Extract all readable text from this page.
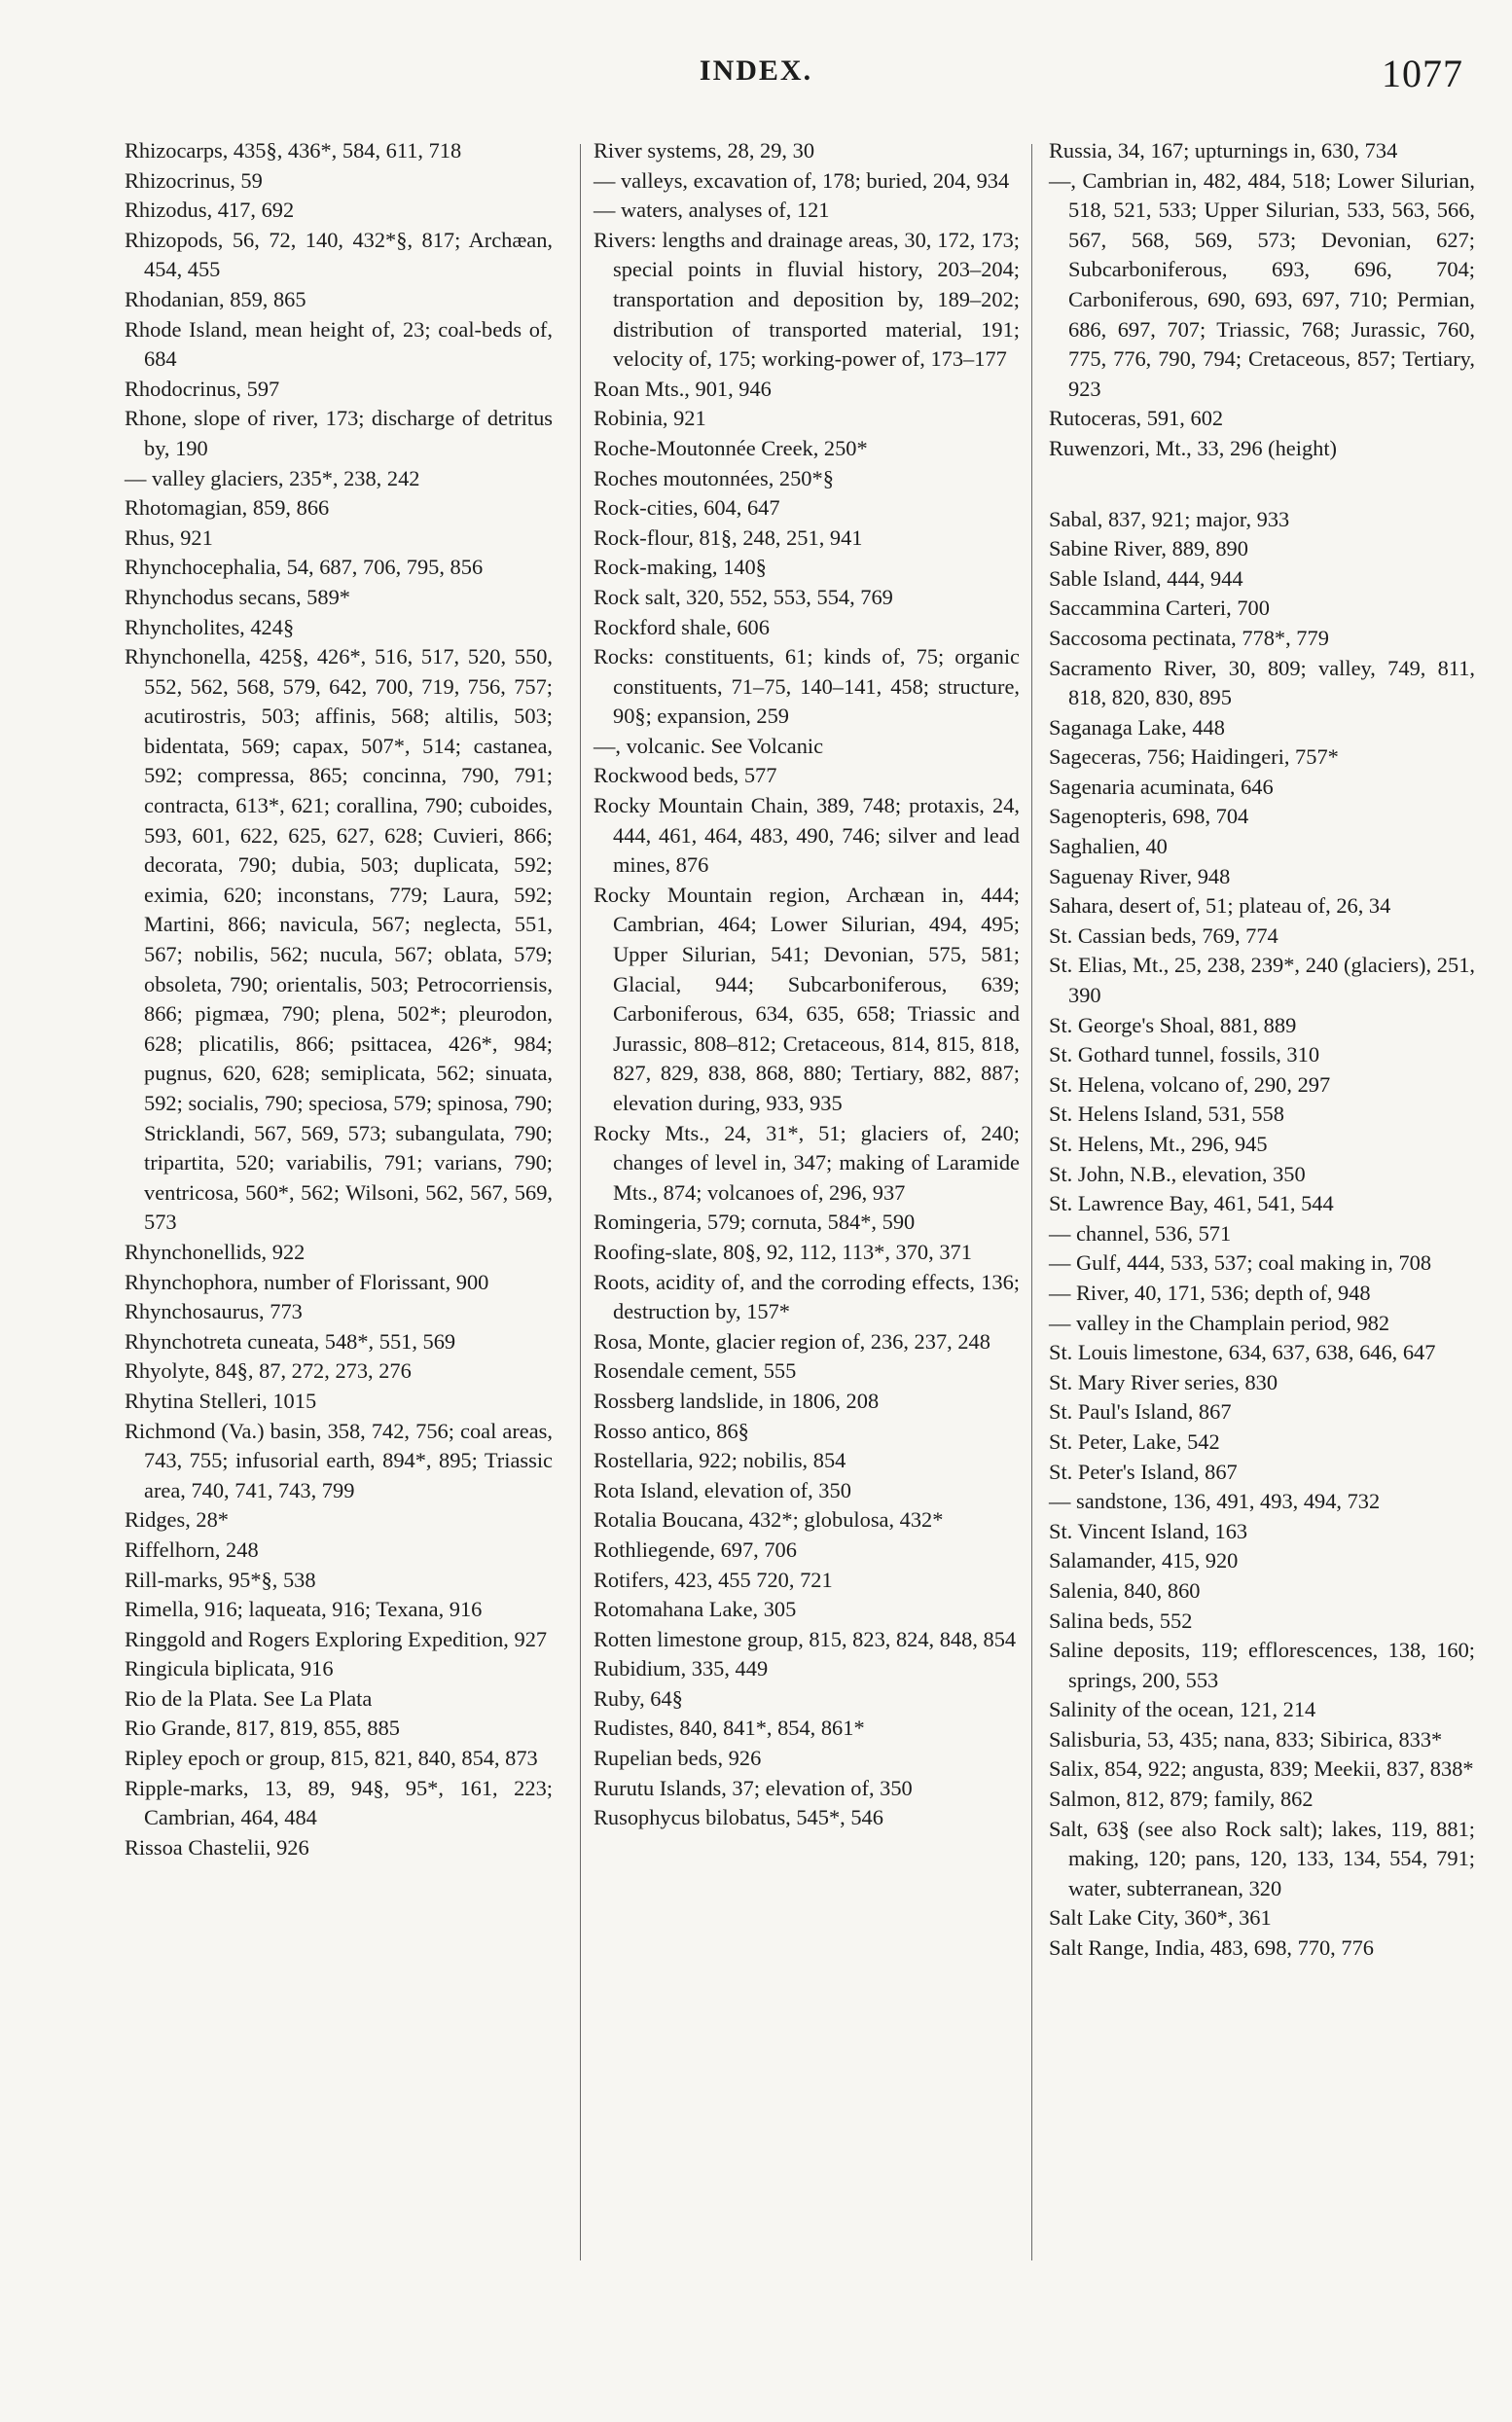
INDEX.	1077

Rhizocarps, 435§, 436*, 584, 611, 718

Rhizocrinus, 59

Rhizodus, 417, 692

Rhizopods, 56, 72, 140, 432*§, 817; Archæan, 454, 455

Rhodanian, 859, 865

Rhode Island, mean height of, 23; coal-beds of, 684

Rhodocrinus, 597

Rhone, slope of river, 173; discharge of detritus by, 190

— valley glaciers, 235*, 238, 242

Rhotomagian, 859, 866

Rhus, 921

Rhynchocephalia, 54, 687, 706, 795, 856

Rhynchodus secans, 589*

Rhyncholites, 424§

Rhynchonella, 425§, 426*, 516, 517, 520, 550, 552, 562, 568, 579, 642, 700, 719, 756, 757; acutirostris, 503; affinis, 568; altilis, 503; bidentata, 569; capax, 507*, 514; castanea, 592; compressa, 865; concinna, 790, 791; contracta, 613*, 621; corallina, 790; cuboides, 593, 601, 622, 625, 627, 628; Cuvieri, 866; decorata, 790; dubia, 503; duplicata, 592; eximia, 620; inconstans, 779; Laura, 592; Martini, 866; navicula, 567; neglecta, 551, 567; nobilis, 562; nucula, 567; oblata, 579; obsoleta, 790; orientalis, 503; Petrocorriensis, 866; pigmæa, 790; plena, 502*; pleurodon, 628; plicatilis, 866; psittacea, 426*, 984; pugnus, 620, 628; semiplicata, 562; sinuata, 592; socialis, 790; speciosa, 579; spinosa, 790; Stricklandi, 567, 569, 573; subangulata, 790; tripartita, 520; variabilis, 791; varians, 790; ventricosa, 560*, 562; Wilsoni, 562, 567, 569, 573

Rhynchonellids, 922

Rhynchophora, number of Florissant, 900

Rhynchosaurus, 773

Rhynchotreta cuneata, 548*, 551, 569

Rhyolyte, 84§, 87, 272, 273, 276

Rhytina Stelleri, 1015

Richmond (Va.) basin, 358, 742, 756; coal areas, 743, 755; infusorial earth, 894*, 895; Triassic area, 740, 741, 743, 799

Ridges, 28*

Riffelhorn, 248

Rill-marks, 95*§, 538

Rimella, 916; laqueata, 916; Texana, 916

Ringgold and Rogers Exploring Expedition, 927

Ringicula biplicata, 916

Rio de la Plata. See La Plata

Rio Grande, 817, 819, 855, 885

Ripley epoch or group, 815, 821, 840, 854, 873

Ripple-marks, 13, 89, 94§, 95*, 161, 223; Cambrian, 464, 484

Rissoa Chastelii, 926

River systems, 28, 29, 30

— valleys, excavation of, 178; buried, 204, 934

— waters, analyses of, 121

Rivers: lengths and drainage areas, 30, 172, 173; special points in fluvial history, 203–204; transportation and deposition by, 189–202; distribution of transported material, 191; velocity of, 175; working-power of, 173–177

Roan Mts., 901, 946

Robinia, 921

Roche-Moutonnée Creek, 250*

Roches moutonnées, 250*§

Rock-cities, 604, 647

Rock-flour, 81§, 248, 251, 941

Rock-making, 140§

Rock salt, 320, 552, 553, 554, 769

Rockford shale, 606

Rocks: constituents, 61; kinds of, 75; organic constituents, 71–75, 140–141, 458; structure, 90§; expansion, 259

—, volcanic. See Volcanic

Rockwood beds, 577

Rocky Mountain Chain, 389, 748; protaxis, 24, 444, 461, 464, 483, 490, 746; silver and lead mines, 876

Rocky Mountain region, Archæan in, 444; Cambrian, 464; Lower Silurian, 494, 495; Upper Silurian, 541; Devonian, 575, 581; Glacial, 944; Subcarboniferous, 639; Carboniferous, 634, 635, 658; Triassic and Jurassic, 808–812; Cretaceous, 814, 815, 818, 827, 829, 838, 868, 880; Tertiary, 882, 887; elevation during, 933, 935

Rocky Mts., 24, 31*, 51; glaciers of, 240; changes of level in, 347; making of Laramide Mts., 874; volcanoes of, 296, 937

Romingeria, 579; cornuta, 584*, 590

Roofing-slate, 80§, 92, 112, 113*, 370, 371

Roots, acidity of, and the corroding effects, 136; destruction by, 157*

Rosa, Monte, glacier region of, 236, 237, 248

Rosendale cement, 555

Rossberg landslide, in 1806, 208

Rosso antico, 86§

Rostellaria, 922; nobilis, 854

Rota Island, elevation of, 350

Rotalia Boucana, 432*; globulosa, 432*

Rothliegende, 697, 706

Rotifers, 423, 455 720, 721

Rotomahana Lake, 305

Rotten limestone group, 815, 823, 824, 848, 854

Rubidium, 335, 449

Ruby, 64§

Rudistes, 840, 841*, 854, 861*

Rupelian beds, 926

Rurutu Islands, 37; elevation of, 350

Rusophycus bilobatus, 545*, 546

Russia, 34, 167; upturnings in, 630, 734

—, Cambrian in, 482, 484, 518; Lower Silurian, 518, 521, 533; Upper Silurian, 533, 563, 566, 567, 568, 569, 573; Devonian, 627; Subcarboniferous, 693, 696, 704; Carboniferous, 690, 693, 697, 710; Permian, 686, 697, 707; Triassic, 768; Jurassic, 760, 775, 776, 790, 794; Cretaceous, 857; Tertiary, 923

Rutoceras, 591, 602

Ruwenzori, Mt., 33, 296 (height)

Sabal, 837, 921; major, 933

Sabine River, 889, 890

Sable Island, 444, 944

Saccammina Carteri, 700

Saccosoma pectinata, 778*, 779

Sacramento River, 30, 809; valley, 749, 811, 818, 820, 830, 895

Saganaga Lake, 448

Sageceras, 756; Haidingeri, 757*

Sagenaria acuminata, 646

Sagenopteris, 698, 704

Saghalien, 40

Saguenay River, 948

Sahara, desert of, 51; plateau of, 26, 34

St. Cassian beds, 769, 774

St. Elias, Mt., 25, 238, 239*, 240 (glaciers), 251, 390

St. George's Shoal, 881, 889

St. Gothard tunnel, fossils, 310

St. Helena, volcano of, 290, 297

St. Helens Island, 531, 558

St. Helens, Mt., 296, 945

St. John, N.B., elevation, 350

St. Lawrence Bay, 461, 541, 544

— channel, 536, 571

— Gulf, 444, 533, 537; coal making in, 708

— River, 40, 171, 536; depth of, 948

— valley in the Champlain period, 982

St. Louis limestone, 634, 637, 638, 646, 647

St. Mary River series, 830

St. Paul's Island, 867

St. Peter, Lake, 542

St. Peter's Island, 867

— sandstone, 136, 491, 493, 494, 732

St. Vincent Island, 163

Salamander, 415, 920

Salenia, 840, 860

Salina beds, 552

Saline deposits, 119; efflorescences, 138, 160; springs, 200, 553

Salinity of the ocean, 121, 214

Salisburia, 53, 435; nana, 833; Sibirica, 833*

Salix, 854, 922; angusta, 839; Meekii, 837, 838*

Salmon, 812, 879; family, 862

Salt, 63§ (see also Rock salt); lakes, 119, 881; making, 120; pans, 120, 133, 134, 554, 791; water, subterranean, 320

Salt Lake City, 360*, 361

Salt Range, India, 483, 698, 770, 776
